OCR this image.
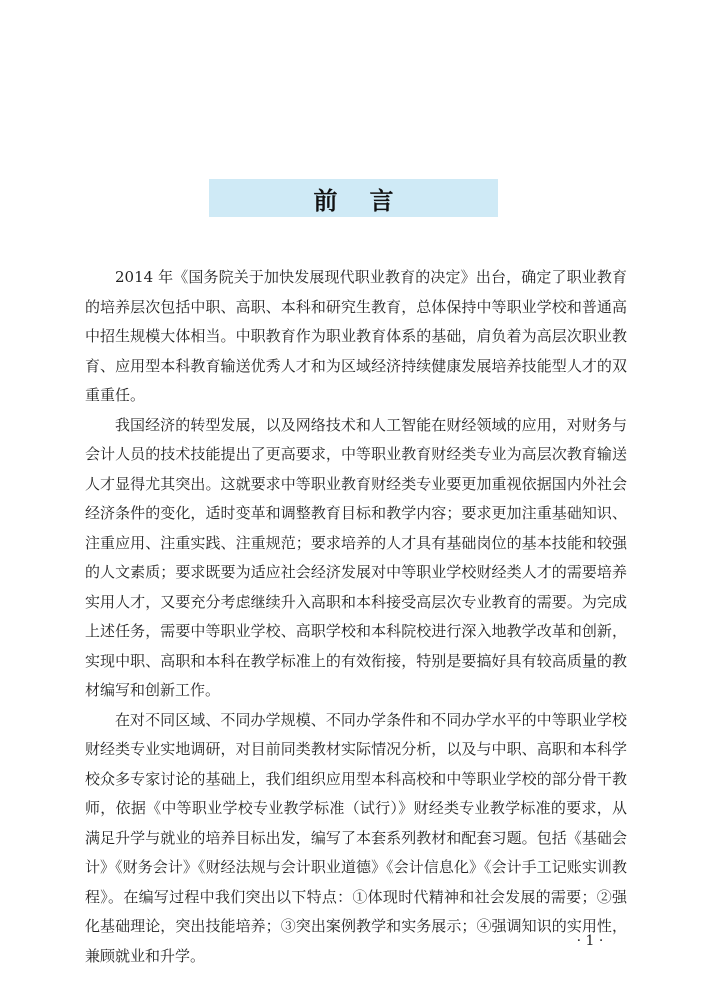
前言

2014 年《国务院关于加快发展现代职业教育的决定》出台，确定了职业教育的培养层次包括中职、高职、本科和研究生教育，总体保持中等职业学校和普通高中招生规模大体相当。中职教育作为职业教育体系的基础，肩负着为高层次职业教育、应用型本科教育输送优秀人才和为区域经济持续健康发展培养技能型人才的双重重任。

我国经济的转型发展，以及网络技术和人工智能在财经领域的应用，对财务与会计人员的技术技能提出了更高要求，中等职业教育财经类专业为高层次教育输送人才显得尤其突出。这就要求中等职业教育财经类专业要更加重视依据国内外社会经济条件的变化，适时变革和调整教育目标和教学内容；要求更加注重基础知识、注重应用、注重实践、注重规范；要求培养的人才具有基础岗位的基本技能和较强的人文素质；要求既要为适应社会经济发展对中等职业学校财经类人才的需要培养实用人才，又要充分考虑继续升入高职和本科接受高层次专业教育的需要。为完成上述任务，需要中等职业学校、高职学校和本科院校进行深入地教学改革和创新，实现中职、高职和本科在教学标准上的有效衔接，特别是要搞好具有较高质量的教材编写和创新工作。

在对不同区域、不同办学规模、不同办学条件和不同办学水平的中等职业学校财经类专业实地调研，对目前同类教材实际情况分析，以及与中职、高职和本科学校众多专家讨论的基础上，我们组织应用型本科高校和中等职业学校的部分骨干教师，依据《中等职业学校专业教学标准（试行）》财经类专业教学标准的要求，从满足升学与就业的培养目标出发，编写了本套系列教材和配套习题。包括《基础会计》《财务会计》《财经法规与会计职业道德》《会计信息化》《会计手工记账实训教程》。在编写过程中我们突出以下特点：①体现时代精神和社会发展的需要；②强化基础理论，突出技能培养；③突出案例教学和实务展示；④强调知识的实用性，兼顾就业和升学。

· 1 ·
